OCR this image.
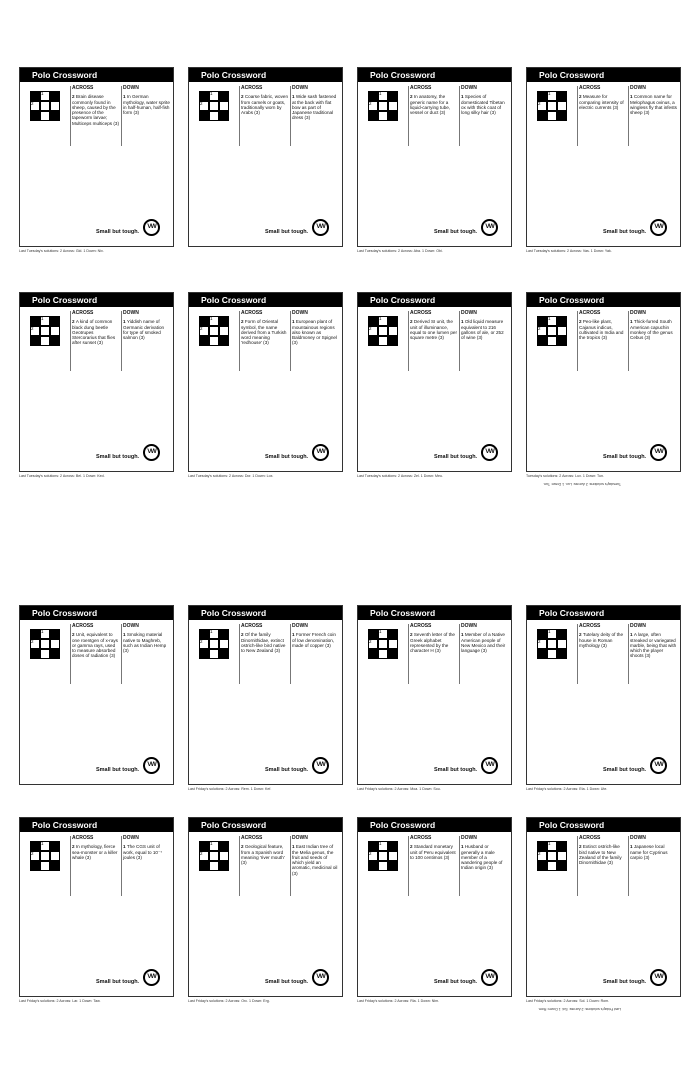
Polo Crossword
1
2
ACROSS
2 Brain disease commonly found in sheep, caused by the presence of the tapeworm larvae; Multiceps multiceps (3)
DOWN
1 In German mythology, water sprite in half-human, half-fish form (3)
Small but tough.
VW
Last Tuesday's solutions: 2 Across: Gid. 1 Down: Nix.
Polo Crossword
1
2
ACROSS
2 Coarse fabric, woven from camels or goats, traditionally worn by Arabs (3)
DOWN
1 Wide sash fastened at the back with flat bow as part of Japanese traditional dress (3)
Small but tough.
VW
Polo Crossword
1
2
ACROSS
2 In anatomy, the generic name for a liquid-carrying tube, vessel or duct (3)
DOWN
1 Species of domesticated Tibetan ox with thick coat of long silky hair (3)
Small but tough.
VW
Last Tuesday's solutions: 2 Across: Aba. 1 Down: Obi.
Polo Crossword
1
2
ACROSS
2 Measure for comparing intensity of electric currents (3)
DOWN
1 Common name for Melophagus ovinus, a wingless fly that infests sheep (3)
Small but tough.
VW
Last Tuesday's solutions: 2 Across: Vas. 1 Down: Yak.
Polo Crossword
1
2
ACROSS
2 A kind of common black dung beetle Geotrupes Stercorarius that flies after sunset (3)
DOWN
1 Yiddish name of Germanic derivation for type of smoked salmon (3)
Small but tough.
VW
Last Tuesday's solutions: 2 Across: Bel. 1 Down: Ked.
Polo Crossword
1
2
ACROSS
2 Form of Oriental symbol, the name derived from a Turkish word meaning 'redhouse' (3)
DOWN
1 European plant of mountainous regions also known as Baldmoney or Spignel (3)
Small but tough.
VW
Last Tuesday's solutions: 2 Across: Dor. 1 Down: Lox.
Polo Crossword
1
2
ACROSS
2 Derived SI unit, the unit of illuminance, equal to one lumen per square metre (3)
DOWN
1 Old liquid measure equivalent to 216 gallons of ale, or 252 of wine (3)
Small but tough.
VW
Last Tuesday's solutions: 2 Across: Zel. 1 Down: Meu.
Polo Crossword
1
2
ACROSS
2 Peo-like plant, Cajanus indicus, cultivated in India and the tropics (3)
DOWN
1 Thick-furred South American capuchin monkey of the genus Cebus (3)
Small but tough.
VW
Tuesday's solutions: 2 Across: Lux. 1 Down: Tun.
Tuesday's solutions: 2 Across: Lux. 1 Down: Tun.
Polo Crossword
1
2
ACROSS
2 Unit, equivalent to one roentgen of x-rays or gamma rays, used to measure absorbed doses of radiation (3)
DOWN
1 Smoking material native to Maghreb, such as Indian Hemp (3)
Small but tough.
VW
Polo Crossword
1
2
ACROSS
2 Of the family Dinornithidae, extinct ostrich-like bird native to New Zealand (3)
DOWN
1 Former French coin of low denomination, made of copper (3)
Small but tough.
VW
Last Friday's solutions: 2 Across: Rem. 1 Down: Kef.
Polo Crossword
1
2
ACROSS
2 Seventh letter of the Greek alphabet represented by the character H (3)
DOWN
1 Member of a Native American people of New Mexico and their language (3)
Small but tough.
VW
Last Friday's solutions: 2 Across: Moa. 1 Down: Sou.
Polo Crossword
1
2
ACROSS
2 Tutelary deity of the house in Roman mythology (3)
DOWN
1 A large, often streaked or variegated marble, being that with which the player shoots (3)
Small but tough.
VW
Last Friday's solutions: 2 Across: Eta. 1 Down: Ute.
Polo Crossword
1
2
ACROSS
2 In mythology, fierce sea-monster or a killer whale (3)
DOWN
1 The CGS unit of work, equal to 10⁻⁷ joules (3)
Small but tough.
VW
Last Friday's solutions: 2 Across: Lar. 1 Down: Taw.
Polo Crossword
1
2
ACROSS
2 Geological feature, from a Spanish word meaning 'river mouth' (3)
DOWN
1 East Indian tree of the Melia genus, the fruit and seeds of which yield an aromatic, medicinal oil (3)
Small but tough.
VW
Last Friday's solutions: 2 Across: Orc. 1 Down: Erg.
Polo Crossword
1
2
ACROSS
2 Standard monetary unit of Peru equivalent to 100 centimos (3)
DOWN
1 Husband or generally a male member of a wandering people of Indian origin (3)
Small but tough.
VW
Last Friday's solutions: 2 Across: Ria. 1 Down: Nim.
Polo Crossword
1
2
ACROSS
2 Extinct ostrich-like bird native to New Zealand of the family Dinornithidae (3)
DOWN
1 Japanese local name for Cyprinus carpio (3)
Small but tough.
VW
Last Friday's solutions: 2 Across: Sol. 1 Down: Rom.
Last Friday's solutions: 2 Across: Sol. 1 Down: Rom.
